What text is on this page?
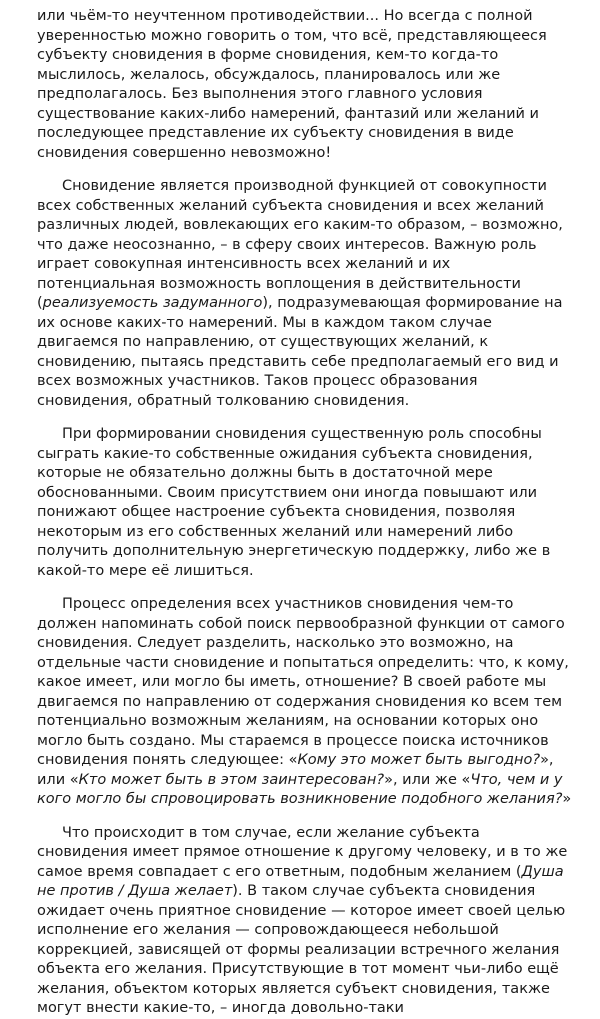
или чьём-то неучтенном противодействии... Но всегда с полной уверенностью можно говорить о том, что всё, представляющееся субъекту сновидения в форме сновидения, кем-то когда-то мыслилось, желалось, обсуждалось, планировалось или же предполагалось. Без выполнения этого главного условия существование каких-либо намерений, фантазий или желаний и последующее представление их субъекту сновидения в виде сновидения совершенно невозможно!

Сновидение является производной функцией от совокупности всех собственных желаний субъекта сновидения и всех желаний различных людей, вовлекающих его каким-то образом, – возможно, что даже неосознанно, – в сферу своих интересов. Важную роль играет совокупная интенсивность всех желаний и их потенциальная возможность воплощения в действительности (реализуемость задуманного), подразумевающая формирование на их основе каких-то намерений. Мы в каждом таком случае двигаемся по направлению, от существующих желаний, к сновидению, пытаясь представить себе предполагаемый его вид и всех возможных участников. Таков процесс образования сновидения, обратный толкованию сновидения.

При формировании сновидения существенную роль способны сыграть какие-то собственные ожидания субъекта сновидения, которые не обязательно должны быть в достаточной мере обоснованными. Своим присутствием они иногда повышают или понижают общее настроение субъекта сновидения, позволяя некоторым из его собственных желаний или намерений либо получить дополнительную энергетическую поддержку, либо же в какой-то мере её лишиться.

Процесс определения всех участников сновидения чем-то должен напоминать собой поиск первообразной функции от самого сновидения. Следует разделить, насколько это возможно, на отдельные части сновидение и попытаться определить: что, к кому, какое имеет, или могло бы иметь, отношение? В своей работе мы двигаемся по направлению от содержания сновидения ко всем тем потенциально возможным желаниям, на основании которых оно могло быть создано. Мы стараемся в процессе поиска источников сновидения понять следующее: «Кому это может быть выгодно?», или «Кто может быть в этом заинтересован?», или же «Что, чем и у кого могло бы спровоцировать возникновение подобного желания?»

Что происходит в том случае, если желание субъекта сновидения имеет прямое отношение к другому человеку, и в то же самое время совпадает с его ответным, подобным желанием (Душа не против / Душа желает). В таком случае субъекта сновидения ожидает очень приятное сновидение — которое имеет своей целью исполнение его желания — сопровождающееся небольшой коррекцией, зависящей от формы реализации встречного желания объекта его желания. Присутствующие в тот момент чьи-либо ещё желания, объектом которых является субъект сновидения, также могут внести какие-то, – иногда довольно-таки
